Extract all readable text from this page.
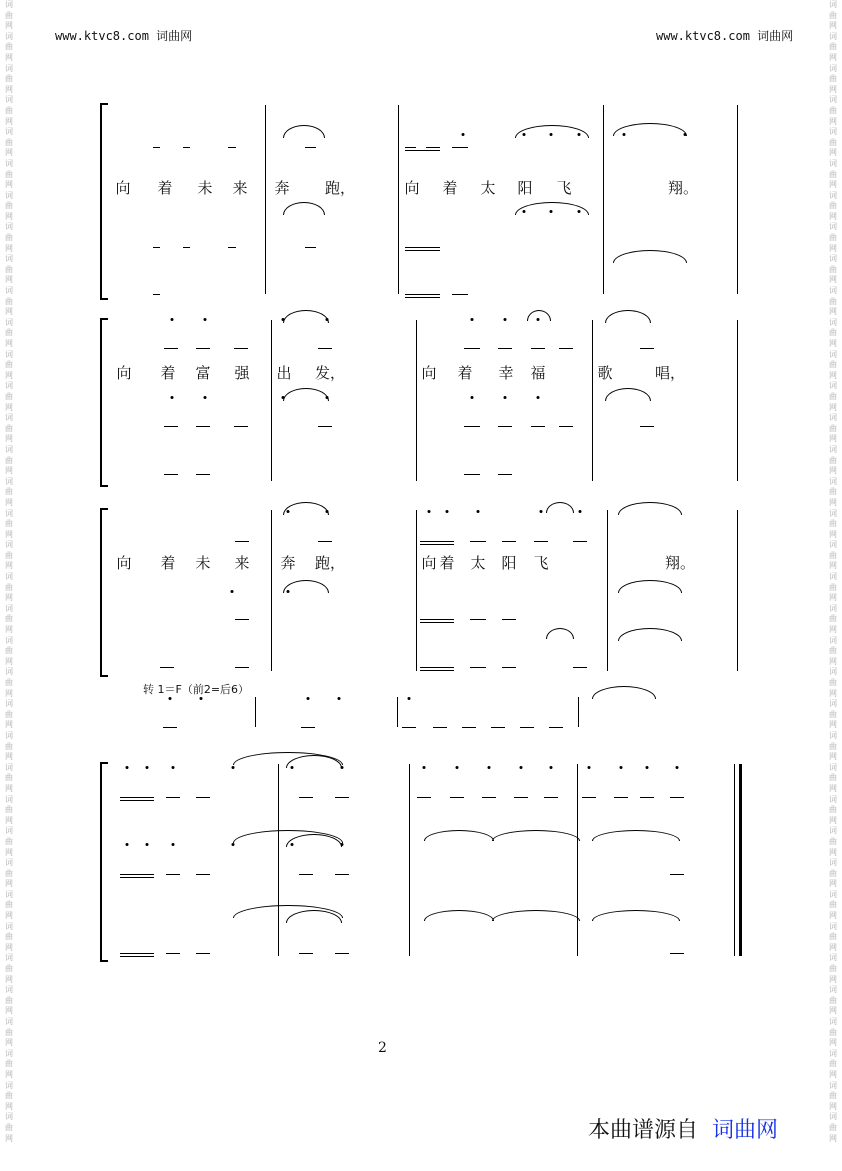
www.ktvc8.com 词曲网	www.ktvc8.com 词曲网
词曲网词曲网词曲网词曲网词曲网词曲网词曲网词曲网词曲网词曲网词曲网词曲网词曲网词曲网词曲网词曲网词曲网词曲网词曲网词曲网词曲网词曲网词曲网词曲网词曲网词曲网词曲网词曲网词曲网词曲网词曲网词曲网词曲网词曲网词曲网词曲网
词曲网词曲网词曲网词曲网词曲网词曲网词曲网词曲网词曲网词曲网词曲网词曲网词曲网词曲网词曲网词曲网词曲网词曲网词曲网词曲网词曲网词曲网词曲网词曲网词曲网词曲网词曲网词曲网词曲网词曲网词曲网词曲网词曲网词曲网词曲网词曲网
向 着 未 来 奔 跑，	向 着 太 阳 飞	翔。
向 着 富 强 出 发，	向 着 幸 福	歌	唱，
向 着 未 来 奔 跑，	向 着 太 阳 飞	翔。
转 1＝F（前2=后6）
2
本曲谱源自 词曲网
